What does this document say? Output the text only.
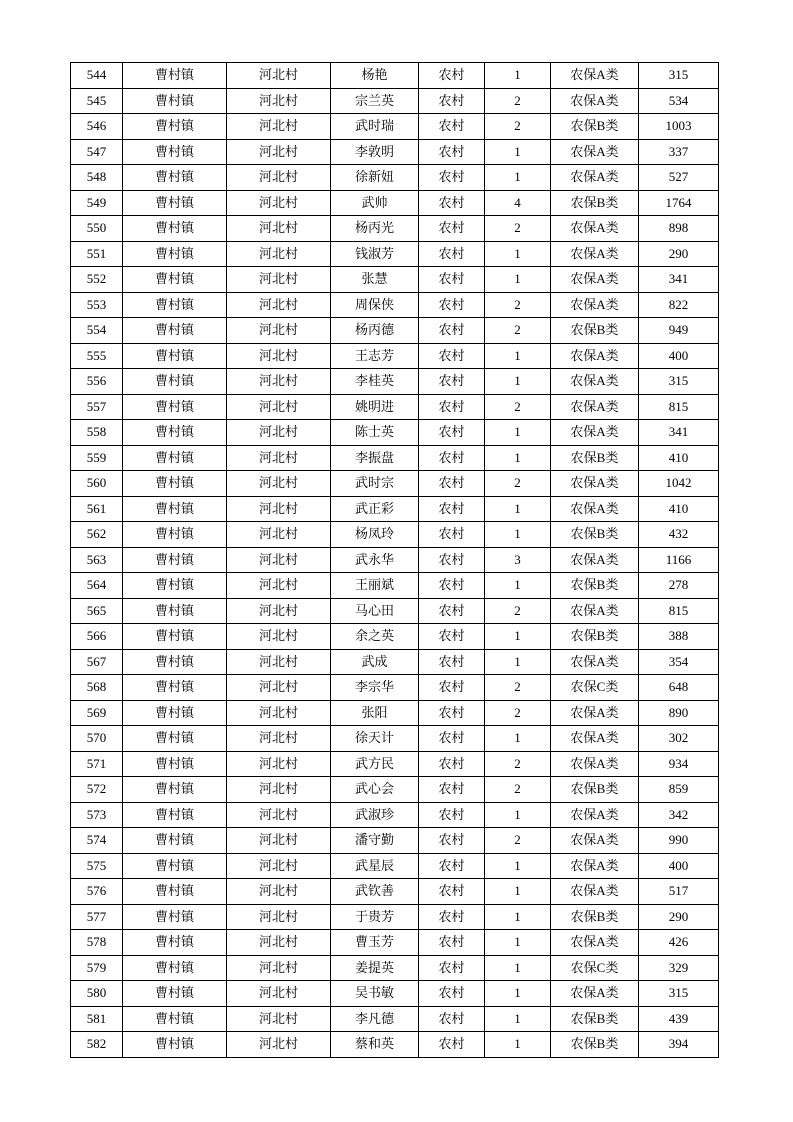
544	曹村镇	河北村	杨艳	农村	1	农保A类	315
545	曹村镇	河北村	宗兰英	农村	2	农保A类	534
546	曹村镇	河北村	武时瑞	农村	2	农保B类	1003
547	曹村镇	河北村	李敦明	农村	1	农保A类	337
548	曹村镇	河北村	徐新妞	农村	1	农保A类	527
549	曹村镇	河北村	武帅	农村	4	农保B类	1764
550	曹村镇	河北村	杨丙光	农村	2	农保A类	898
551	曹村镇	河北村	钱淑芳	农村	1	农保A类	290
552	曹村镇	河北村	张慧	农村	1	农保A类	341
553	曹村镇	河北村	周保侠	农村	2	农保A类	822
554	曹村镇	河北村	杨丙德	农村	2	农保B类	949
555	曹村镇	河北村	王志芳	农村	1	农保A类	400
556	曹村镇	河北村	李桂英	农村	1	农保A类	315
557	曹村镇	河北村	姚明进	农村	2	农保A类	815
558	曹村镇	河北村	陈士英	农村	1	农保A类	341
559	曹村镇	河北村	李振盘	农村	1	农保B类	410
560	曹村镇	河北村	武时宗	农村	2	农保A类	1042
561	曹村镇	河北村	武正彩	农村	1	农保A类	410
562	曹村镇	河北村	杨凤玲	农村	1	农保B类	432
563	曹村镇	河北村	武永华	农村	3	农保A类	1166
564	曹村镇	河北村	王丽斌	农村	1	农保B类	278
565	曹村镇	河北村	马心田	农村	2	农保A类	815
566	曹村镇	河北村	余之英	农村	1	农保B类	388
567	曹村镇	河北村	武成	农村	1	农保A类	354
568	曹村镇	河北村	李宗华	农村	2	农保C类	648
569	曹村镇	河北村	张阳	农村	2	农保A类	890
570	曹村镇	河北村	徐天计	农村	1	农保A类	302
571	曹村镇	河北村	武方民	农村	2	农保A类	934
572	曹村镇	河北村	武心会	农村	2	农保B类	859
573	曹村镇	河北村	武淑珍	农村	1	农保A类	342
574	曹村镇	河北村	潘守勤	农村	2	农保A类	990
575	曹村镇	河北村	武星辰	农村	1	农保A类	400
576	曹村镇	河北村	武钦善	农村	1	农保A类	517
577	曹村镇	河北村	于贵芳	农村	1	农保B类	290
578	曹村镇	河北村	曹玉芳	农村	1	农保A类	426
579	曹村镇	河北村	姜提英	农村	1	农保C类	329
580	曹村镇	河北村	吴书敏	农村	1	农保A类	315
581	曹村镇	河北村	李凡德	农村	1	农保B类	439
582	曹村镇	河北村	蔡和英	农村	1	农保B类	394
